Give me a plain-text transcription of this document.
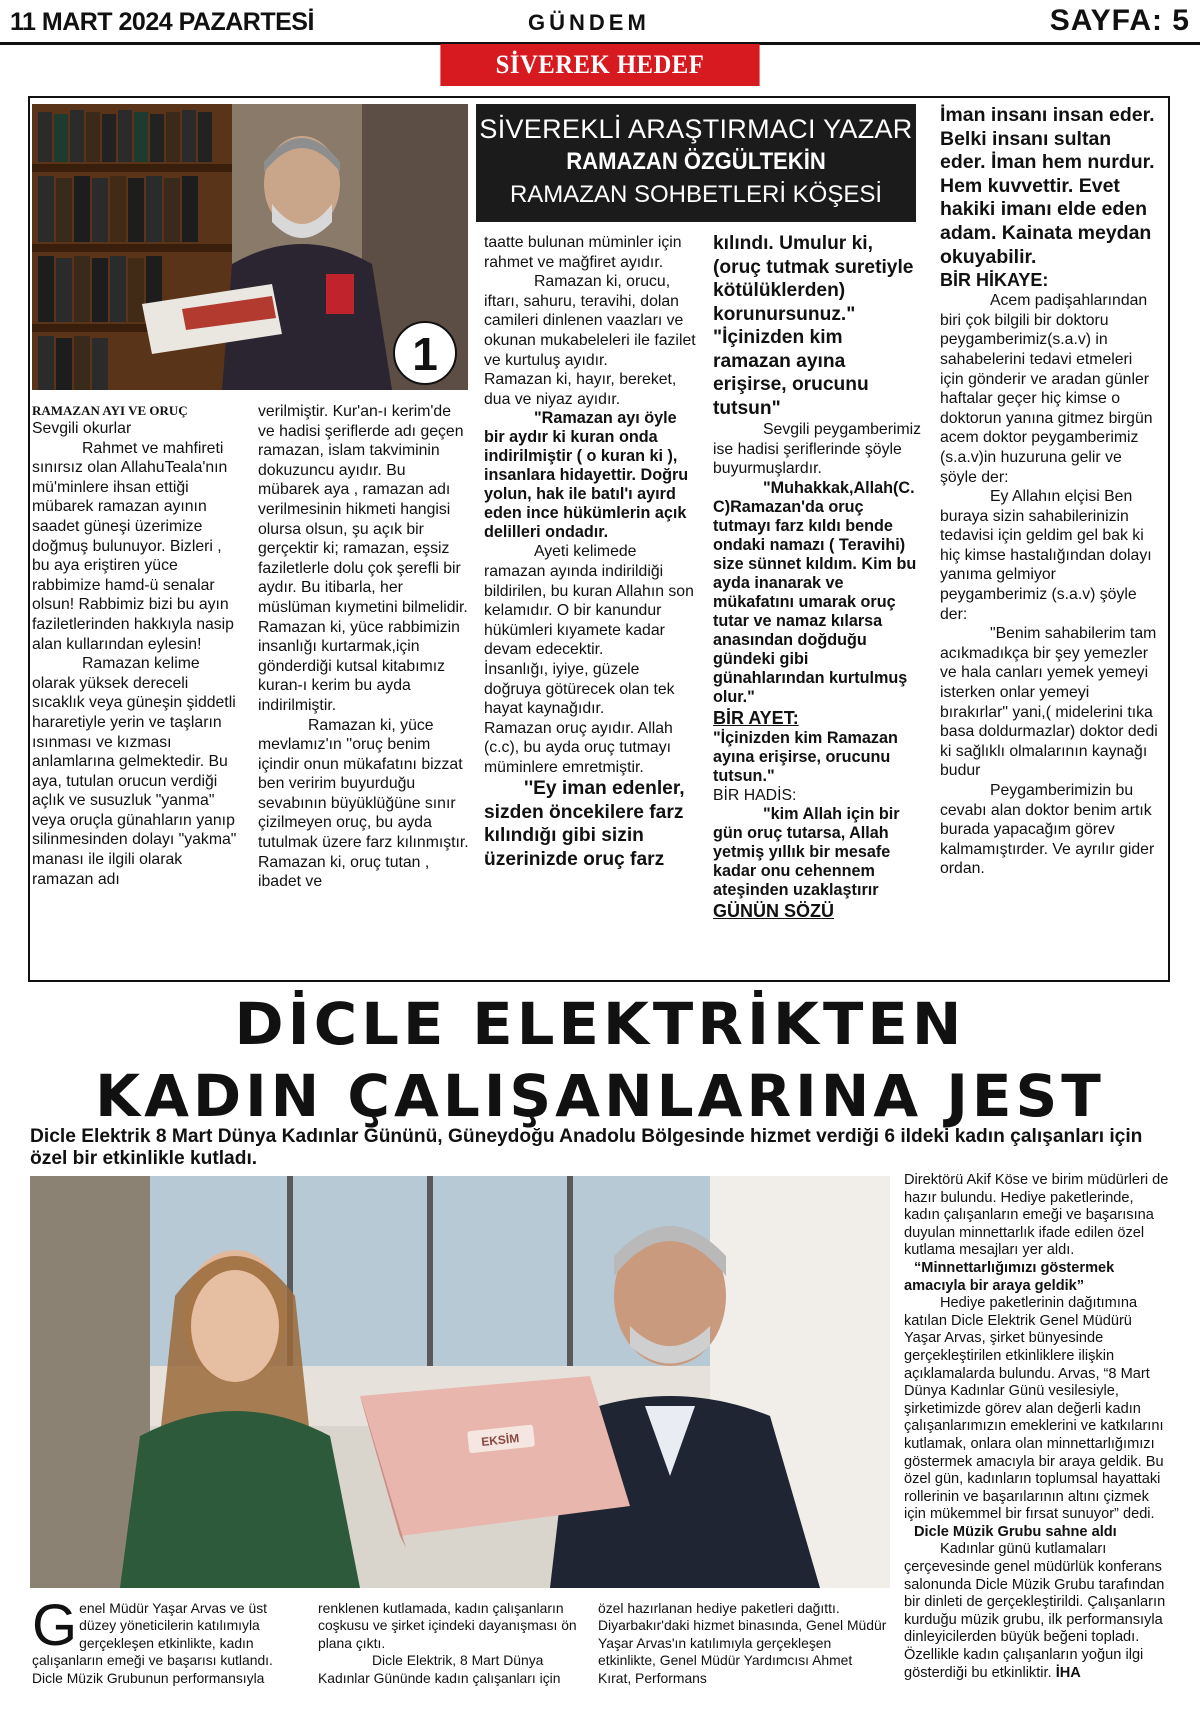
11 MART 2024 PAZARTESİ	GÜNDEM	SAYFA: 5
SİVEREK HEDEF
1
SİVEREKLİ ARAŞTIRMACI YAZAR
RAMAZAN ÖZGÜLTEKİN
RAMAZAN SOHBETLERİ KÖŞESİ
RAMAZAN AYI VE ORUÇ

Sevgili okurlar

Rahmet ve mahfireti sınırsız olan AllahuTeala'nın mü'minlere ihsan ettiği mübarek ramazan ayının saadet güneşi üzerimize doğmuş bulunuyor. Bizleri , bu aya eriştiren yüce rabbimize hamd-ü senalar olsun! Rabbimiz bizi bu ayın faziletlerinden hakkıyla nasip alan kullarından eylesin!

Ramazan kelime olarak yüksek dereceli sıcaklık veya güneşin şiddetli hararetiyle yerin ve taşların ısınması ve kızması anlamlarına gelmektedir. Bu aya, tutulan orucun verdiği açlık ve susuzluk "yanma" veya oruçla günahların yanıp silinmesinden dolayı "yakma" manası ile ilgili olarak ramazan adı

verilmiştir. Kur'an-ı kerim'de ve hadisi şeriflerde adı geçen ramazan, islam takviminin dokuzuncu ayıdır. Bu mübarek aya , ramazan adı verilmesinin hikmeti hangisi olursa olsun, şu açık bir gerçektir ki; ramazan, eşsiz faziletlerle dolu çok şerefli bir aydır. Bu itibarla, her müslüman kıymetini bilmelidir. Ramazan ki, yüce rabbimizin insanlığı kurtarmak,için gönderdiği kutsal kitabımız kuran-ı kerim bu ayda indirilmiştir.

Ramazan ki, yüce mevlamız'ın ''oruç benim içindir onun mükafatını bizzat ben veririm buyurduğu sevabının büyüklüğüne sınır çizilmeyen oruç, bu ayda tutulmak üzere farz kılınmıştır. Ramazan ki, oruç tutan , ibadet ve

taatte bulunan müminler için rahmet ve mağfiret ayıdır.

Ramazan ki, orucu, iftarı, sahuru, teravihi, dolan camileri dinlenen vaazları ve okunan mukabeleleri ile fazilet ve kurtuluş ayıdır.

Ramazan ki, hayır, bereket, dua ve niyaz ayıdır.

"Ramazan ayı öyle bir aydır ki kuran onda indirilmiştir ( o kuran ki ), insanlara hidayettir. Doğru yolun, hak ile batıl'ı ayırd eden ince hükümlerin açık delilleri ondadır.

Ayeti kelimede ramazan ayında indirildiği bildirilen, bu kuran Allahın son kelamıdır. O bir kanundur hükümleri kıyamete kadar devam edecektir.

İnsanlığı, iyiye, güzele doğruya götürecek olan tek hayat kaynağıdır.

Ramazan oruç ayıdır. Allah (c.c), bu ayda oruç tutmayı müminlere emretmiştir.

''Ey iman edenler, sizden öncekilere farz kılındığı gibi sizin üzerinizde oruç farz

kılındı. Umulur ki, (oruç tutmak suretiyle kötülüklerden) korunursunuz." "İçinizden kim ramazan ayına erişirse, orucunu tutsun"

Sevgili peygamberimiz ise hadisi şeriflerinde şöyle buyurmuşlardır.

"Muhakkak,Allah(C. C)Ramazan'da oruç tutmayı farz kıldı bende ondaki namazı ( Teravihi) size sünnet kıldım. Kim bu ayda inanarak ve mükafatını umarak oruç tutar ve namaz kılarsa anasından doğduğu gündeki gibi günahlarından kurtulmuş olur."

BİR AYET:

"İçinizden kim Ramazan ayına erişirse, orucunu tutsun."

BİR HADİS:

"kim Allah için bir gün oruç tutarsa, Allah yetmiş yıllık bir mesafe kadar onu cehennem ateşinden uzaklaştırır

GÜNÜN SÖZÜ

İman insanı insan eder. Belki insanı sultan eder. İman hem nurdur. Hem kuvvettir. Evet hakiki imanı elde eden adam. Kainata meydan okuyabilir.

BİR HİKAYE:

Acem padişahlarından biri çok bilgili bir doktoru peygamberimiz(s.a.v) in sahabelerini tedavi etmeleri için gönderir ve aradan günler haftalar geçer hiç kimse o doktorun yanına gitmez birgün acem doktor peygamberimiz (s.a.v)in huzuruna gelir ve şöyle der:

Ey Allahın elçisi Ben buraya sizin sahabilerinizin tedavisi için geldim gel bak ki hiç kimse hastalığından dolayı yanıma gelmiyor peygamberimiz (s.a.v) şöyle der:

"Benim sahabilerim tam acıkmadıkça bir şey yemezler ve hala canları yemek yemeyi isterken onlar yemeyi bırakırlar" yani,( midelerini tıka basa doldurmazlar) doktor dedi ki sağlıklı olmalarının kaynağı budur

Peygamberimizin bu cevabı alan doktor benim artık burada yapacağım görev kalmamıştırder. Ve ayrılır gider ordan.

DİCLE ELEKTRİKTEN
KADIN ÇALIŞANLARINA JEST
Dicle Elektrik 8 Mart Dünya Kadınlar Gününü, Güneydoğu Anadolu Bölgesinde hizmet verdiği 6 ildeki kadın çalışanları için özel bir etkinlikle kutladı.
EKSİM

Direktörü Akif Köse ve birim müdürleri de hazır bulundu. Hediye paketlerinde, kadın çalışanların emeği ve başarısına duyulan minnettarlık ifade edilen özel kutlama mesajları yer aldı.

“Minnettarlığımızı göstermek amacıyla bir araya geldik”

Hediye paketlerinin dağıtımına katılan Dicle Elektrik Genel Müdürü Yaşar Arvas, şirket bünyesinde gerçekleştirilen etkinliklere ilişkin açıklamalarda bulundu. Arvas, “8 Mart Dünya Kadınlar Günü vesilesiyle, şirketimizde görev alan değerli kadın çalışanlarımızın emeklerini ve katkılarını kutlamak, onlara olan minnettarlığımızı göstermek amacıyla bir araya geldik. Bu özel gün, kadınların toplumsal hayattaki rollerinin ve başarılarının altını çizmek için mükemmel bir fırsat sunuyor” dedi.

Dicle Müzik Grubu sahne aldı

Kadınlar günü kutlamaları çerçevesinde genel müdürlük konferans salonunda Dicle Müzik Grubu tarafından bir dinleti de gerçekleştirildi. Çalışanların kurduğu müzik grubu, ilk performansıyla dinleyicilerden büyük beğeni topladı. Özellikle kadın çalışanların yoğun ilgi gösterdiği bu etkinliktir. İHA

Genel Müdür Yaşar Arvas ve üst düzey yöneticilerin katılımıyla gerçekleşen etkinlikte, kadın çalışanların emeği ve başarısı kutlandı. Dicle Müzik Grubunun performansıyla

renklenen kutlamada, kadın çalışanların coşkusu ve şirket içindeki dayanışması ön plana çıktı.

Dicle Elektrik, 8 Mart Dünya Kadınlar Gününde kadın çalışanları için

özel hazırlanan hediye paketleri dağıttı. Diyarbakır'daki hizmet binasında, Genel Müdür Yaşar Arvas'ın katılımıyla gerçekleşen etkinlikte, Genel Müdür Yardımcısı Ahmet Kırat, Performans
